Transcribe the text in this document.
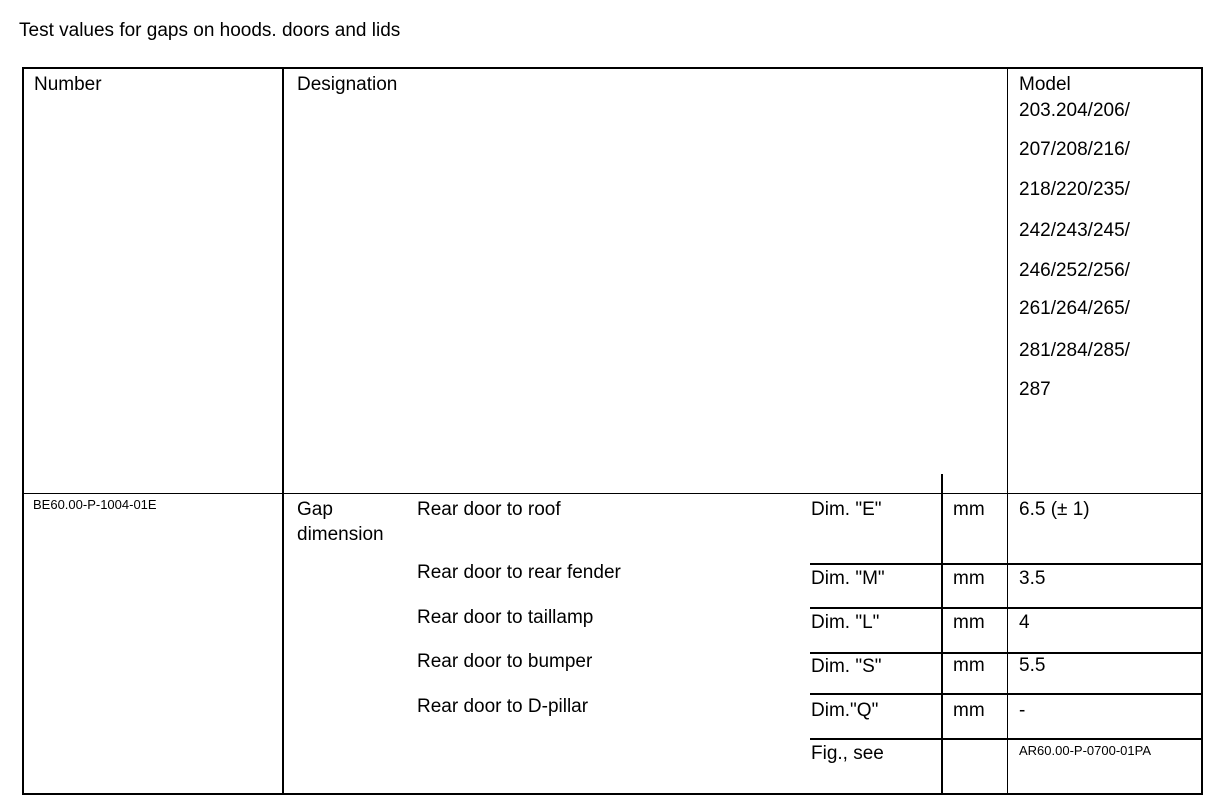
Test values for gaps on hoods. doors and lids
Number	Designation	Model
203.204/206/
207/208/216/
218/220/235/
242/243/245/
246/252/256/
261/264/265/
281/284/285/
287
BE60.00-P-1004-01E	Gap
dimension
Rear door to roof	Dim. "E"	mm 6.5 (± 1)
Rear door to rear fender	Dim. "M"	mm 3.5
Rear door to taillamp	Dim. "L"	mm 4
Rear door to bumper	Dim. "S"	mm 5.5
Rear door to D-pillar	Dim."Q"	mm -
Fig., see	AR60.00-P-0700-01PA
